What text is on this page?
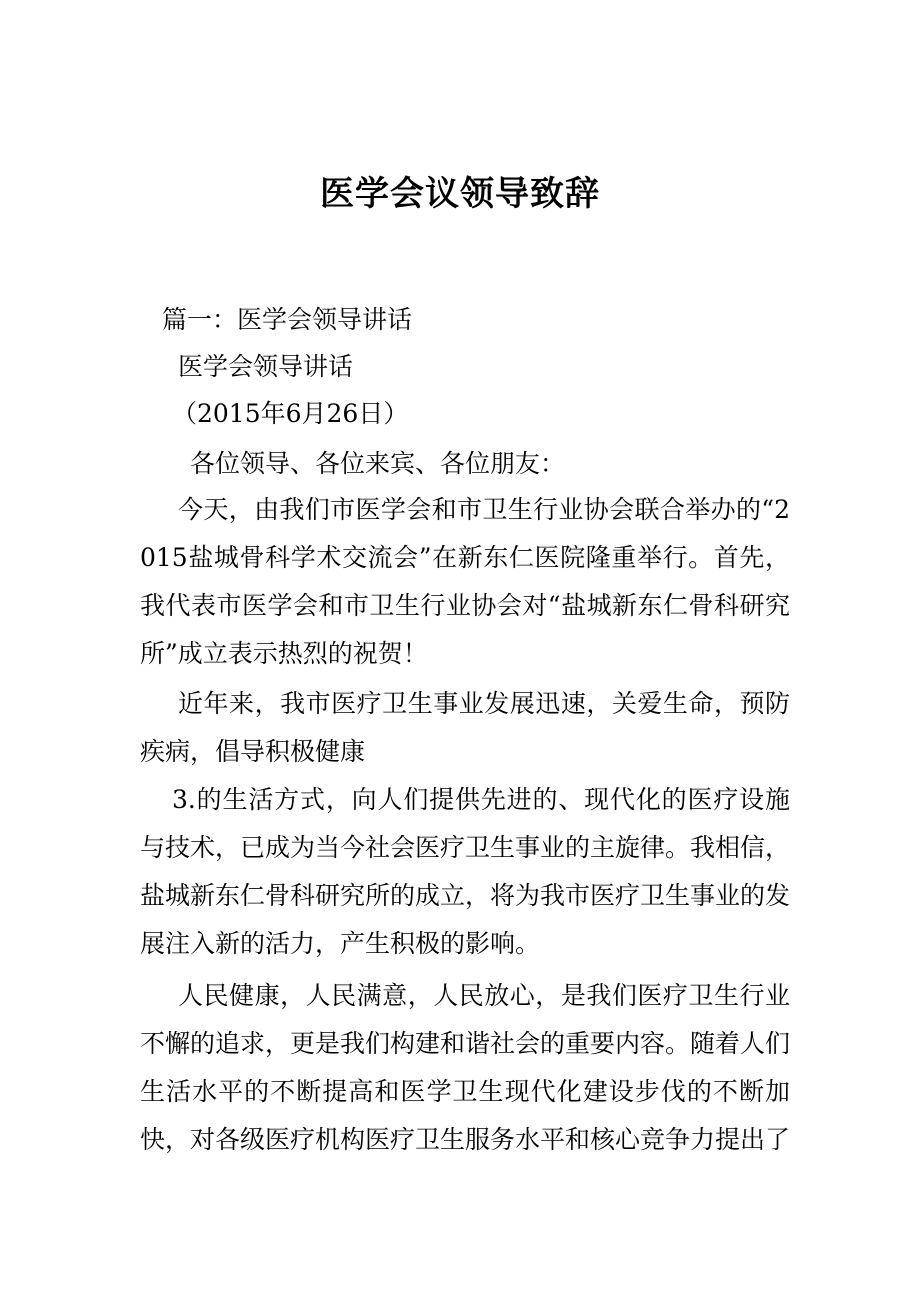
医学会议领导致辞

篇一：医学会领导讲话

医学会领导讲话

（2015年6月26日）

各位领导、各位来宾、各位朋友：

今天，由我们市医学会和市卫生行业协会联合举办的“2015盐城骨科学术交流会”在新东仁医院隆重举行。首先，我代表市医学会和市卫生行业协会对“盐城新东仁骨科研究所”成立表示热烈的祝贺！

近年来，我市医疗卫生事业发展迅速，关爱生命，预防疾病，倡导积极健康

3.的生活方式，向人们提供先进的、现代化的医疗设施与技术，已成为当今社会医疗卫生事业的主旋律。我相信，盐城新东仁骨科研究所的成立，将为我市医疗卫生事业的发展注入新的活力，产生积极的影响。

人民健康，人民满意，人民放心，是我们医疗卫生行业不懈的追求，更是我们构建和谐社会的重要内容。随着人们生活水平的不断提高和医学卫生现代化建设步伐的不断加快，对各级医疗机构医疗卫生服务水平和核心竞争力提出了
